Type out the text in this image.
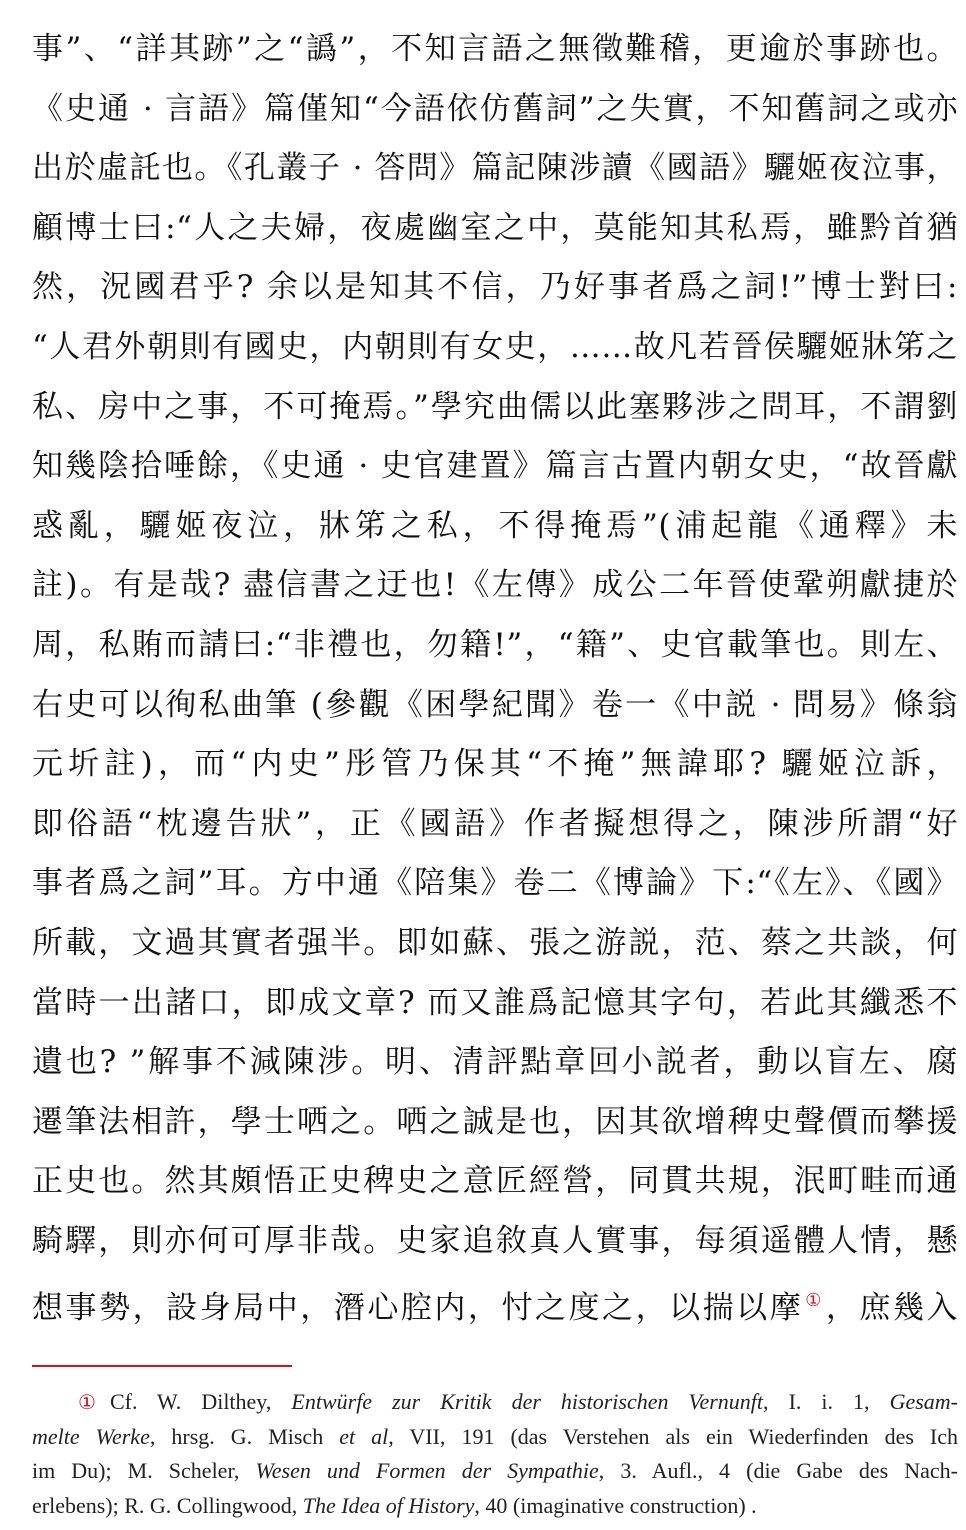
事”、“詳其跡”之“譌”，不知言語之無徵難稽，更逾於事跡也。
《史通 · 言語》篇僅知“今語依仿舊詞”之失實，不知舊詞之或亦
出於虛託也。《孔叢子 · 答問》篇記陳涉讀《國語》驪姬夜泣事，
顧博士曰:“人之夫婦，夜處幽室之中，莫能知其私焉，雖黔首猶
然，況國君乎? 余以是知其不信，乃好事者爲之詞!”博士對曰:
“人君外朝則有國史，内朝則有女史，……故凡若晉侯驪姬牀笫之
私、房中之事，不可掩焉。”學究曲儒以此塞夥涉之問耳，不謂劉
知幾陰拾唾餘，《史通 · 史官建置》篇言古置内朝女史，“故晉獻
惑亂，驪姬夜泣，牀笫之私，不得掩焉”(浦起龍《通釋》未
註)。有是哉? 盡信書之迂也!《左傳》成公二年晉使鞏朔獻捷於
周，私賄而請曰:“非禮也，勿籍!”，“籍”、史官載筆也。則左、
右史可以徇私曲筆 (參觀《困學紀聞》卷一《中説 · 問易》條翁
元圻註)，而“内史”彤管乃保其“不掩”無諱耶? 驪姬泣訴，
即俗語“枕邊告狀”，正《國語》作者擬想得之，陳涉所謂“好
事者爲之詞”耳。方中通《陪集》卷二《博論》下:“《左》、《國》
所載，文過其實者强半。即如蘇、張之游説，范、蔡之共談，何
當時一出諸口，即成文章? 而又誰爲記憶其字句，若此其纖悉不
遺也? ”解事不減陳涉。明、清評點章回小説者，動以盲左、腐
遷筆法相許，學士哂之。哂之誠是也，因其欲增稗史聲價而攀援
正史也。然其頗悟正史稗史之意匠經營，同貫共規，泯町畦而通
騎驛，則亦何可厚非哉。史家追敘真人實事，每須遥體人情，懸
想事勢，設身局中，潛心腔内，忖之度之，以揣以摩 ①，庶幾入
① Cf. W. Dilthey, Entwürfe zur Kritik der historischen Vernunft, I. i. 1, Gesam-
melte Werke, hrsg. G. Misch et al, VII, 191 (das Verstehen als ein Wiederfinden des Ich
im Du); M. Scheler, Wesen und Formen der Sympathie, 3. Aufl., 4 (die Gabe des Nach-
erlebens); R. G. Collingwood, The Idea of History, 40 (imaginative construction) .
